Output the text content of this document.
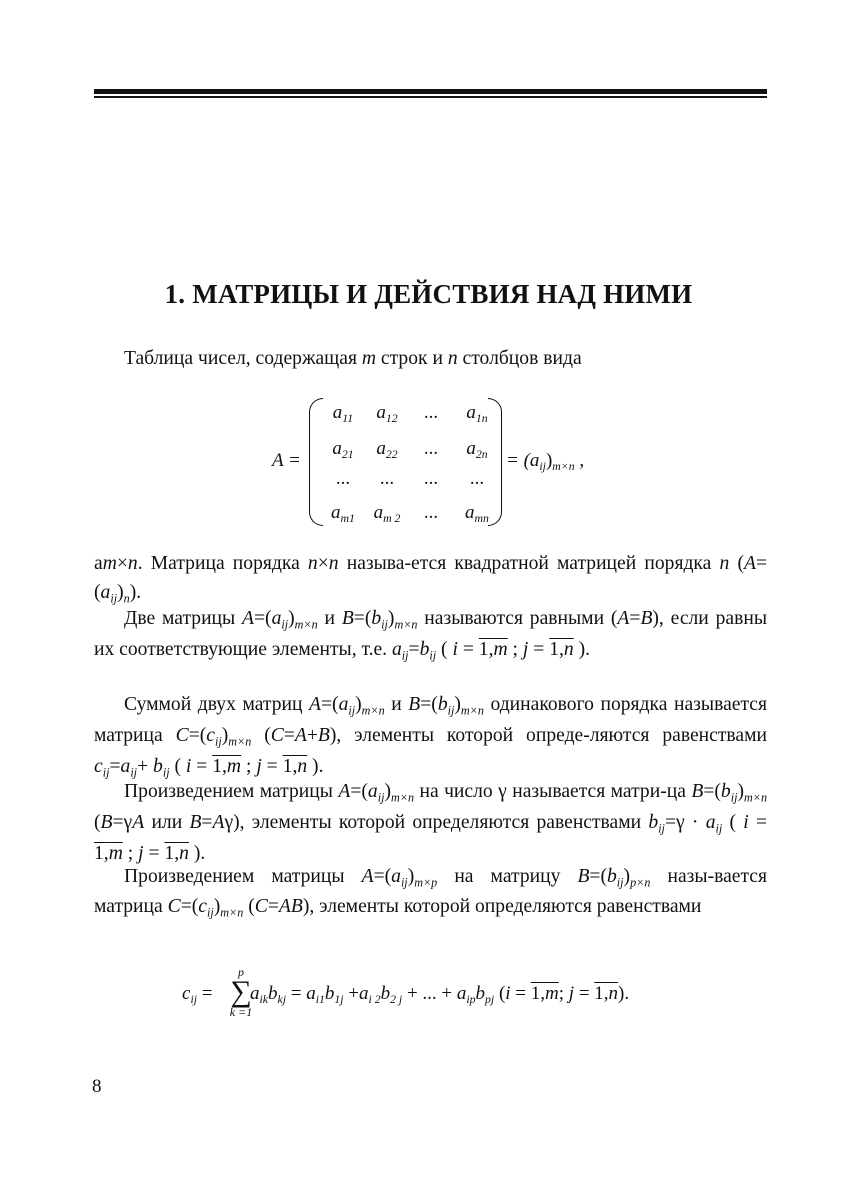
1. МАТРИЦЫ И ДЕЙСТВИЯ НАД НИМИ

Таблица чисел, содержащая m строк и n столбцов вида

A =
$a_{11}$	$a_{12}$	...	$a_{1n}$
$a_{21}$	$a_{22}$	...	$a_{2n}$
...	...	...	...
$a_{m1}$ $a_{m 2}$	...	$a_{mn}$
= $(a_{ij})_{m\times n}$ ,

am×n. Матрица порядка n×n называ-ется квадратной матрицей порядка n $(A=(a_{ij})_n)$.

Две матрицы $A=(a_{ij})_{m\times n}$ и $B=(b_{ij})_{m\times n}$ называются равными (A=B), если равны их соответствующие элементы, т.е. $a_{ij}=b_{ij}$ ( i = 1,m ; j = 1,n ).

Суммой двух матриц $A=(a_{ij})_{m\times n}$ и $B=(b_{ij})_{m\times n}$ одинакового порядка называется матрица $C=(c_{ij})_{m\times n}$ (C=A+B), элементы которой опреде-ляются равенствами $c_{ij}=a_{ij}+ b_{ij}$ ( i = 1,m ; j = 1,n ).

Произведением матрицы $A=(a_{ij})_{m\times n}$ на число γ называется матри-ца $B=(b_{ij})_{m\times n}$ (B=γA или B=Aγ), элементы которой определяются равенствами $b_{ij}=\gamma \cdot a_{ij}$ ( i = 1,m ; j = 1,n ).

Произведением матрицы $A=(a_{ij})_{m\times p}$ на матрицу $B=(b_{ij})_{p\times n}$ назы-вается матрица $C=(c_{ij})_{m\times n}$ (C=AB), элементы которой определяются равенствами

$c_{ij}$ =
p
∑
k =1
$a_{ik}b_{kj} = a_{i1}b_{1j} +a_{i 2}b_{2 j}$ + ... + $a_{ip}b_{pj}$ (i = 1,m; j = 1,n).
8
